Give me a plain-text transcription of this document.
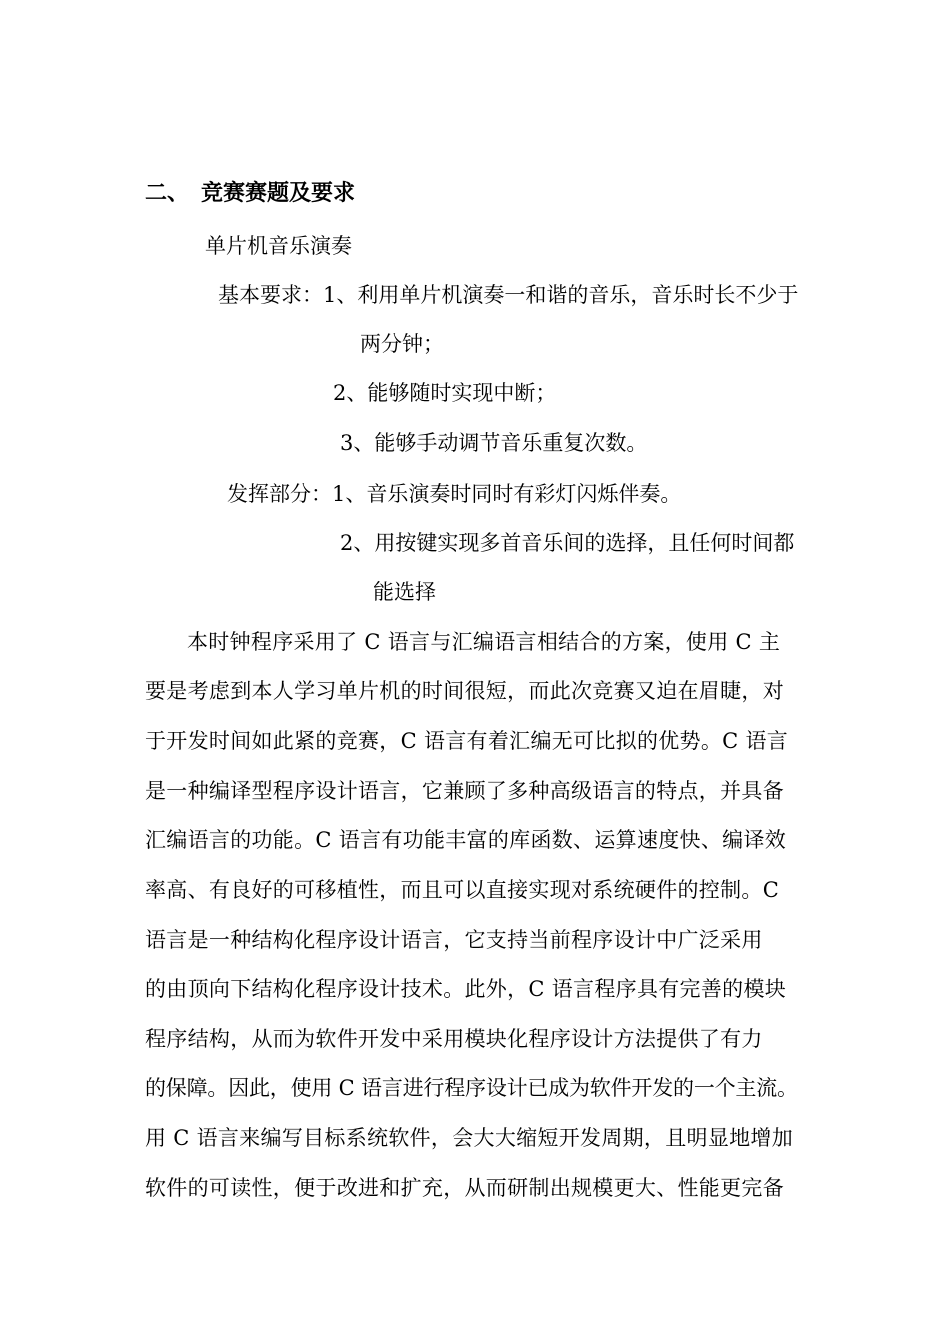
二、 竞赛赛题及要求
单片机音乐演奏
基本要求：1、利用单片机演奏一和谐的音乐，音乐时长不少于
两分钟；
2、能够随时实现中断；
3、能够手动调节音乐重复次数。
发挥部分：1、音乐演奏时同时有彩灯闪烁伴奏。
2、用按键实现多首音乐间的选择，且任何时间都
能选择
本时钟程序采用了 C 语言与汇编语言相结合的方案，使用 C 主
要是考虑到本人学习单片机的时间很短，而此次竞赛又迫在眉睫，对
于开发时间如此紧的竞赛，C 语言有着汇编无可比拟的优势。C 语言
是一种编译型程序设计语言，它兼顾了多种高级语言的特点，并具备
汇编语言的功能。C 语言有功能丰富的库函数、运算速度快、编译效
率高、有良好的可移植性，而且可以直接实现对系统硬件的控制。C
语言是一种结构化程序设计语言，它支持当前程序设计中广泛采用
的由顶向下结构化程序设计技术。此外，C 语言程序具有完善的模块
程序结构，从而为软件开发中采用模块化程序设计方法提供了有力
的保障。因此，使用 C 语言进行程序设计已成为软件开发的一个主流。
用 C 语言来编写目标系统软件，会大大缩短开发周期，且明显地增加
软件的可读性，便于改进和扩充，从而研制出规模更大、性能更完备
